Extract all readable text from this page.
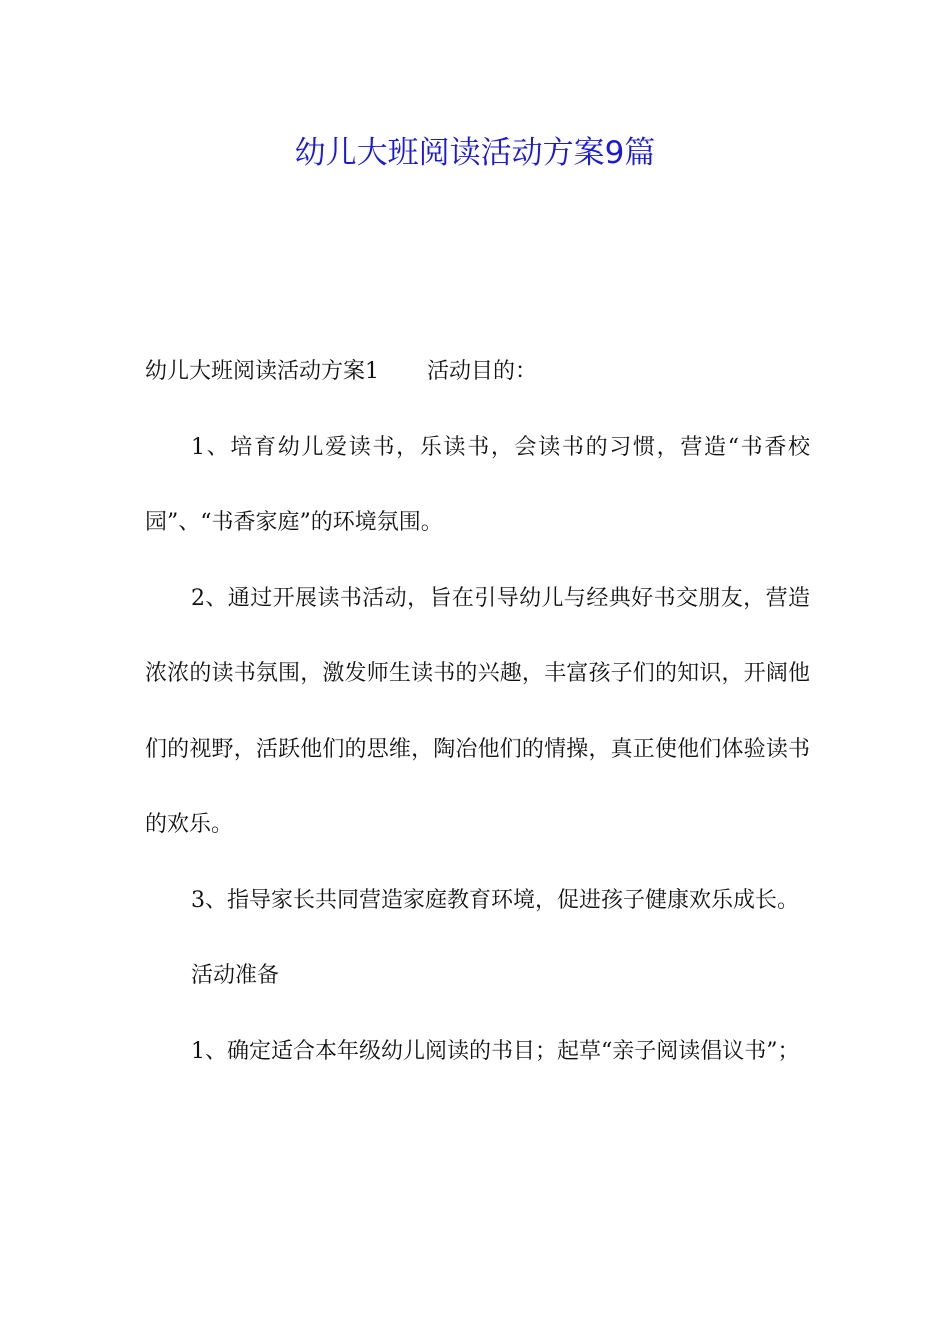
幼儿大班阅读活动方案9篇

幼儿大班阅读活动方案1 活动目的：

1、培育幼儿爱读书，乐读书，会读书的习惯，营造“书香校园”、“书香家庭”的环境氛围。

2、通过开展读书活动，旨在引导幼儿与经典好书交朋友，营造浓浓的读书氛围，激发师生读书的兴趣，丰富孩子们的知识，开阔他们的视野，活跃他们的思维，陶冶他们的情操，真正使他们体验读书的欢乐。

3、指导家长共同营造家庭教育环境，促进孩子健康欢乐成长。

活动准备

1、确定适合本年级幼儿阅读的书目；起草“亲子阅读倡议书”；
